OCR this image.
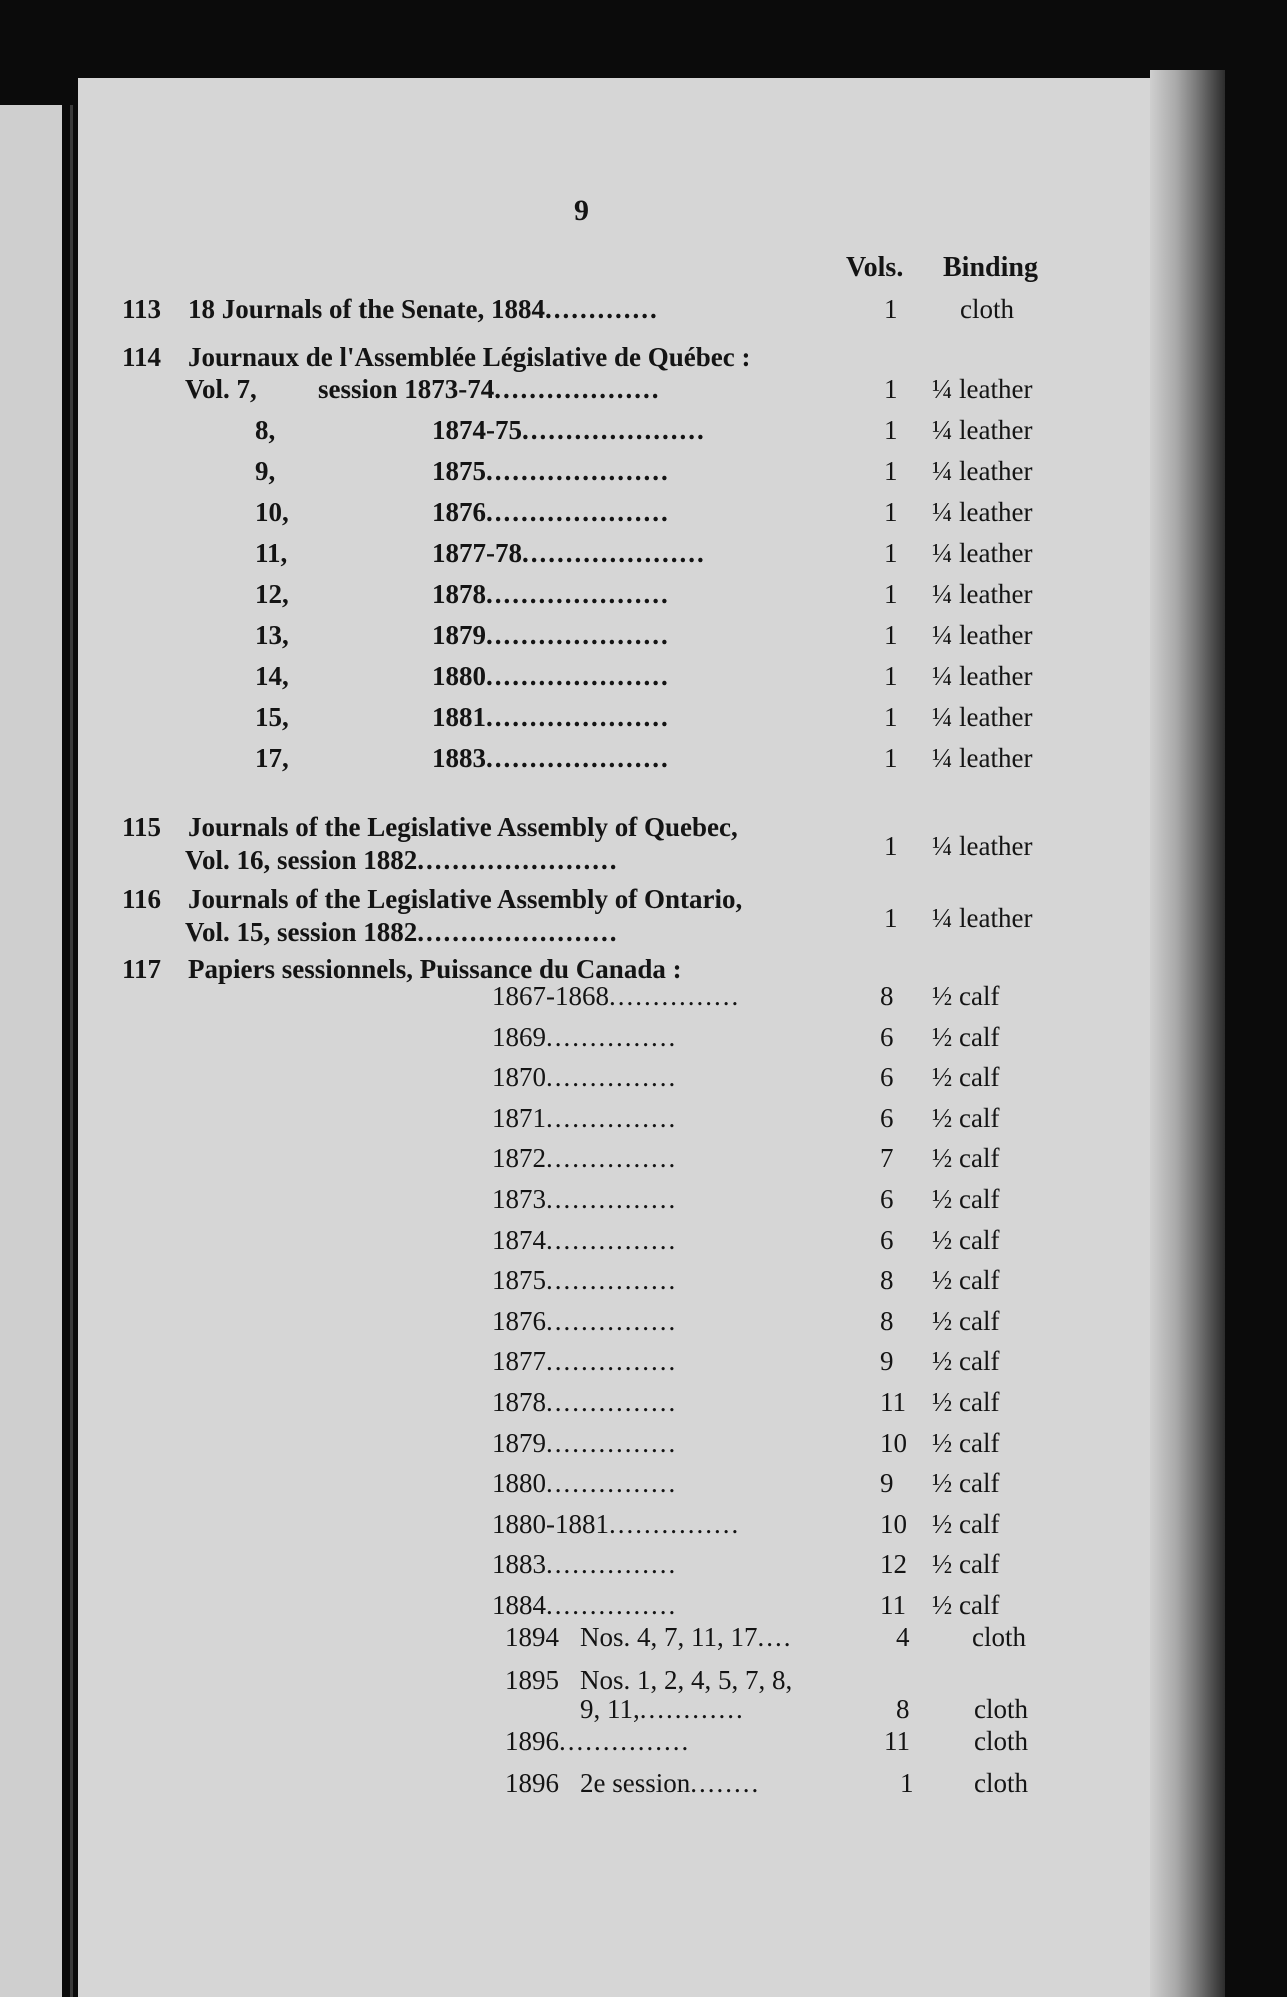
9
Vols. Binding
113 18 Journals of the Senate, 1884.............	1 cloth
114 Journaux de l'Assemblée Législative de Québec :
Vol. 7, session 1873-74...................	1 ¼ leather
8,	1874-75.....................	1 ¼ leather
9,	1875.....................	1 ¼ leather
10,	1876.....................	1 ¼ leather
11,	1877-78.....................	1 ¼ leather
12,	1878.....................	1 ¼ leather
13,	1879.....................	1 ¼ leather
14,	1880.....................	1 ¼ leather
15,	1881.....................	1 ¼ leather
17,	1883.....................	1 ¼ leather
115 Journals of the Legislative Assembly of Quebec,
Vol. 16, session 1882.......................	1 ¼ leather
116 Journals of the Legislative Assembly of Ontario,
Vol. 15, session 1882.......................	1 ¼ leather
117 Papiers sessionnels, Puissance du Canada :
1867-1868...............	8 ½ calf
1869...............	6 ½ calf
1870...............	6 ½ calf
1871...............	6 ½ calf
1872...............	7 ½ calf
1873...............	6 ½ calf
1874...............	6 ½ calf
1875...............	8 ½ calf
1876...............	8 ½ calf
1877...............	9 ½ calf
1878...............	11 ½ calf
1879...............	10 ½ calf
1880...............	9 ½ calf
1880-1881...............	10 ½ calf
1883...............	12 ½ calf
1884...............	11 ½ calf
1894 Nos. 4, 7, 11, 17....	4 cloth
1895 Nos. 1, 2, 4, 5, 7, 8,
9, 11,............	8 cloth
1896...............	11 cloth
1896 2e session........	1 cloth
